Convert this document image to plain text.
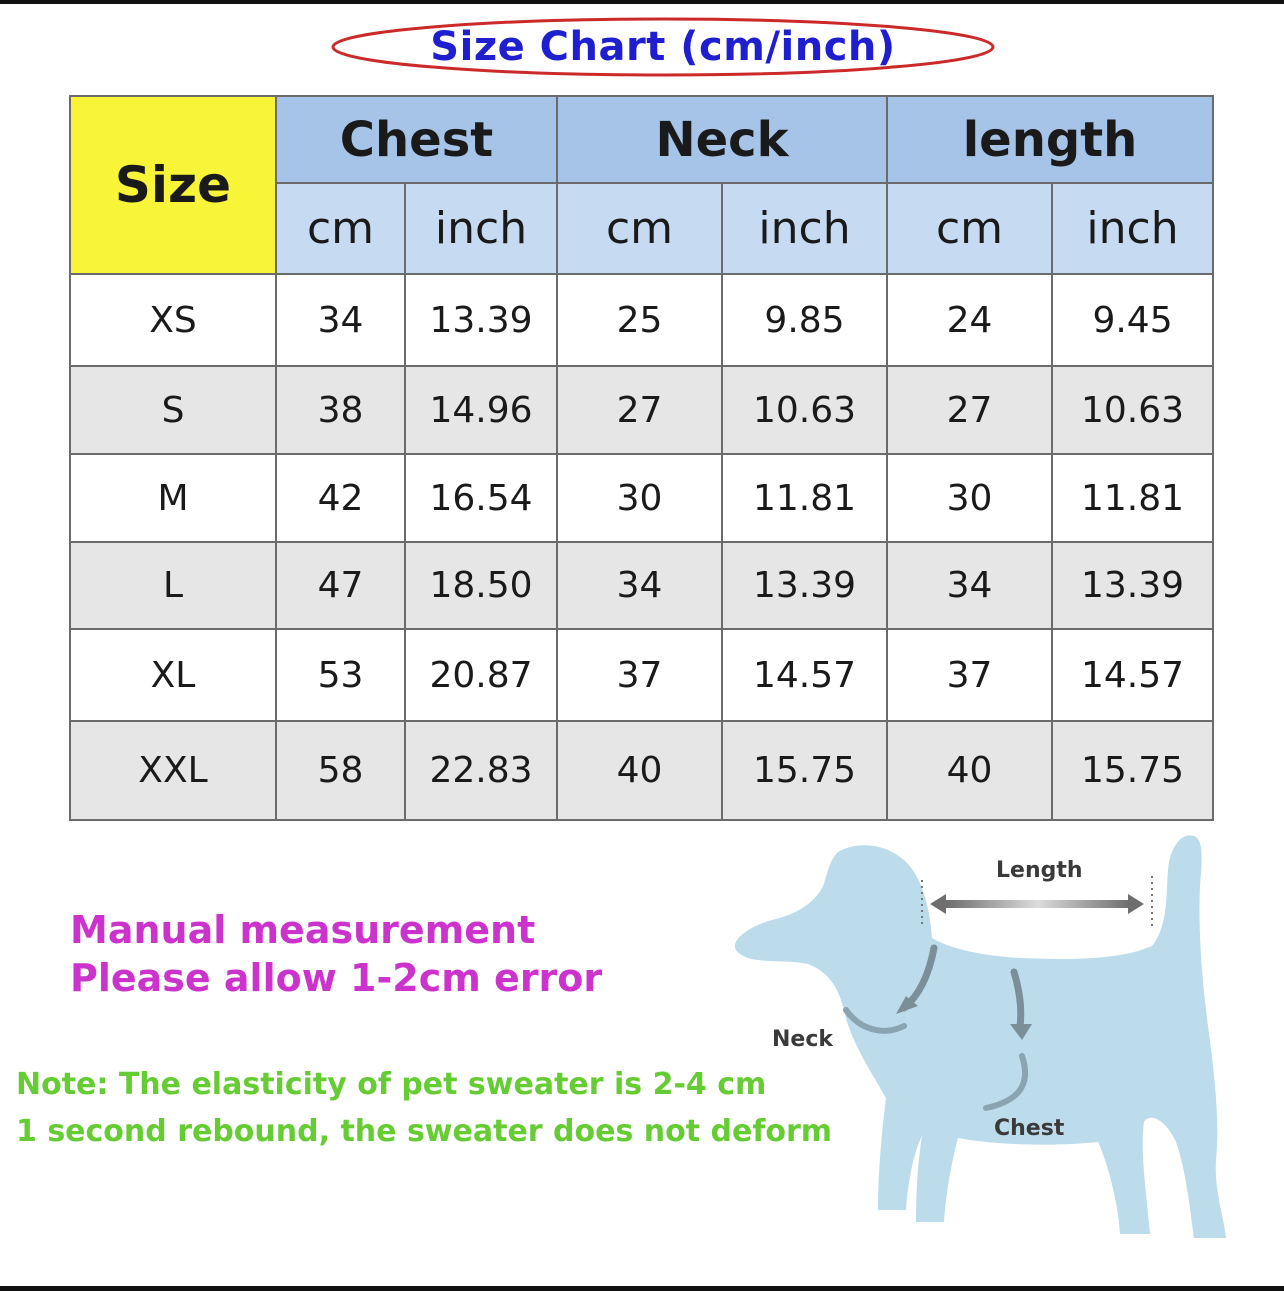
Size Chart (cm/inch)
Size	Chest		Neck		length	
	cm	inch	cm	inch	cm	inch
XS	34	13.39	25	9.85	24	9.45
S	38	14.96	27	10.63	27	10.63
M	42	16.54	30	11.81	30	11.81
L	47	18.50	34	13.39	34	13.39
XL	53	20.87	37	14.57	37	14.57
XXL	58	22.83	40	15.75	40	15.75
Manual measurement
Please allow 1-2cm error
Note: The elasticity of pet sweater is 2-4 cm
1 second rebound, the sweater does not deform
Length
Neck
Chest
